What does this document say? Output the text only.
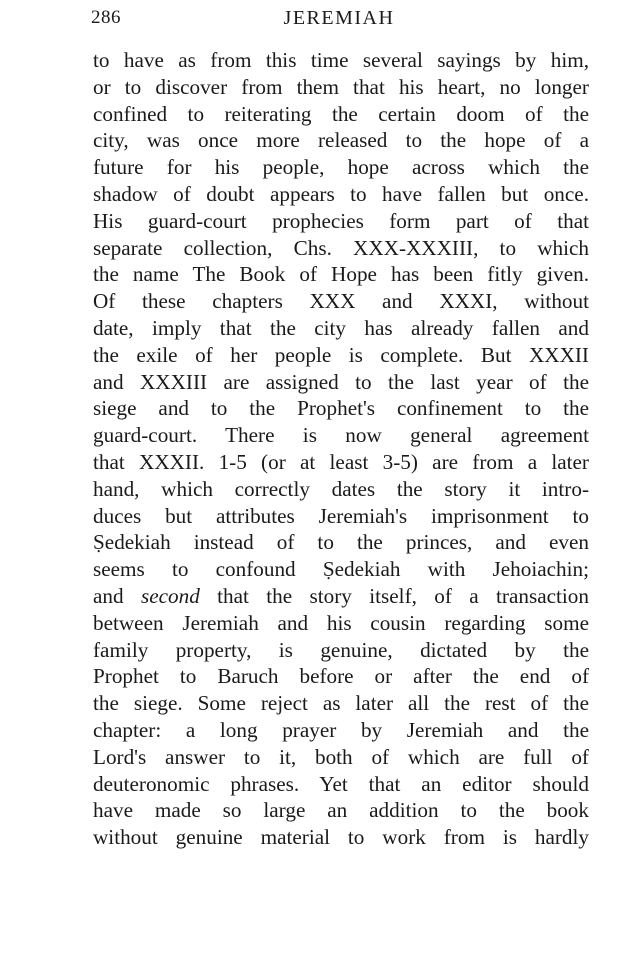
286	JEREMIAH
to have as from this time several sayings by him,
or to discover from them that his heart, no longer
confined to reiterating the certain doom of the
city, was once more released to the hope of a
future for his people, hope across which the
shadow of doubt appears to have fallen but once.
His guard-court prophecies form part of that
separate collection, Chs. XXX-XXXIII, to which
the name The Book of Hope has been fitly given.
Of these chapters XXX and XXXI, without
date, imply that the city has already fallen and
the exile of her people is complete. But XXXII
and XXXIII are assigned to the last year of the
siege and to the Prophet's confinement to the
guard-court. There is now general agreement
that XXXII. 1-5 (or at least 3-5) are from a later
hand, which correctly dates the story it intro-
duces but attributes Jeremiah's imprisonment to
Ṣedekiah instead of to the princes, and even
seems to confound Ṣedekiah with Jehoiachin;
and second that the story itself, of a transaction
between Jeremiah and his cousin regarding some
family property, is genuine, dictated by the
Prophet to Baruch before or after the end of
the siege. Some reject as later all the rest of the
chapter: a long prayer by Jeremiah and the
Lord's answer to it, both of which are full of
deuteronomic phrases. Yet that an editor should
have made so large an addition to the book
without genuine material to work from is hardly
